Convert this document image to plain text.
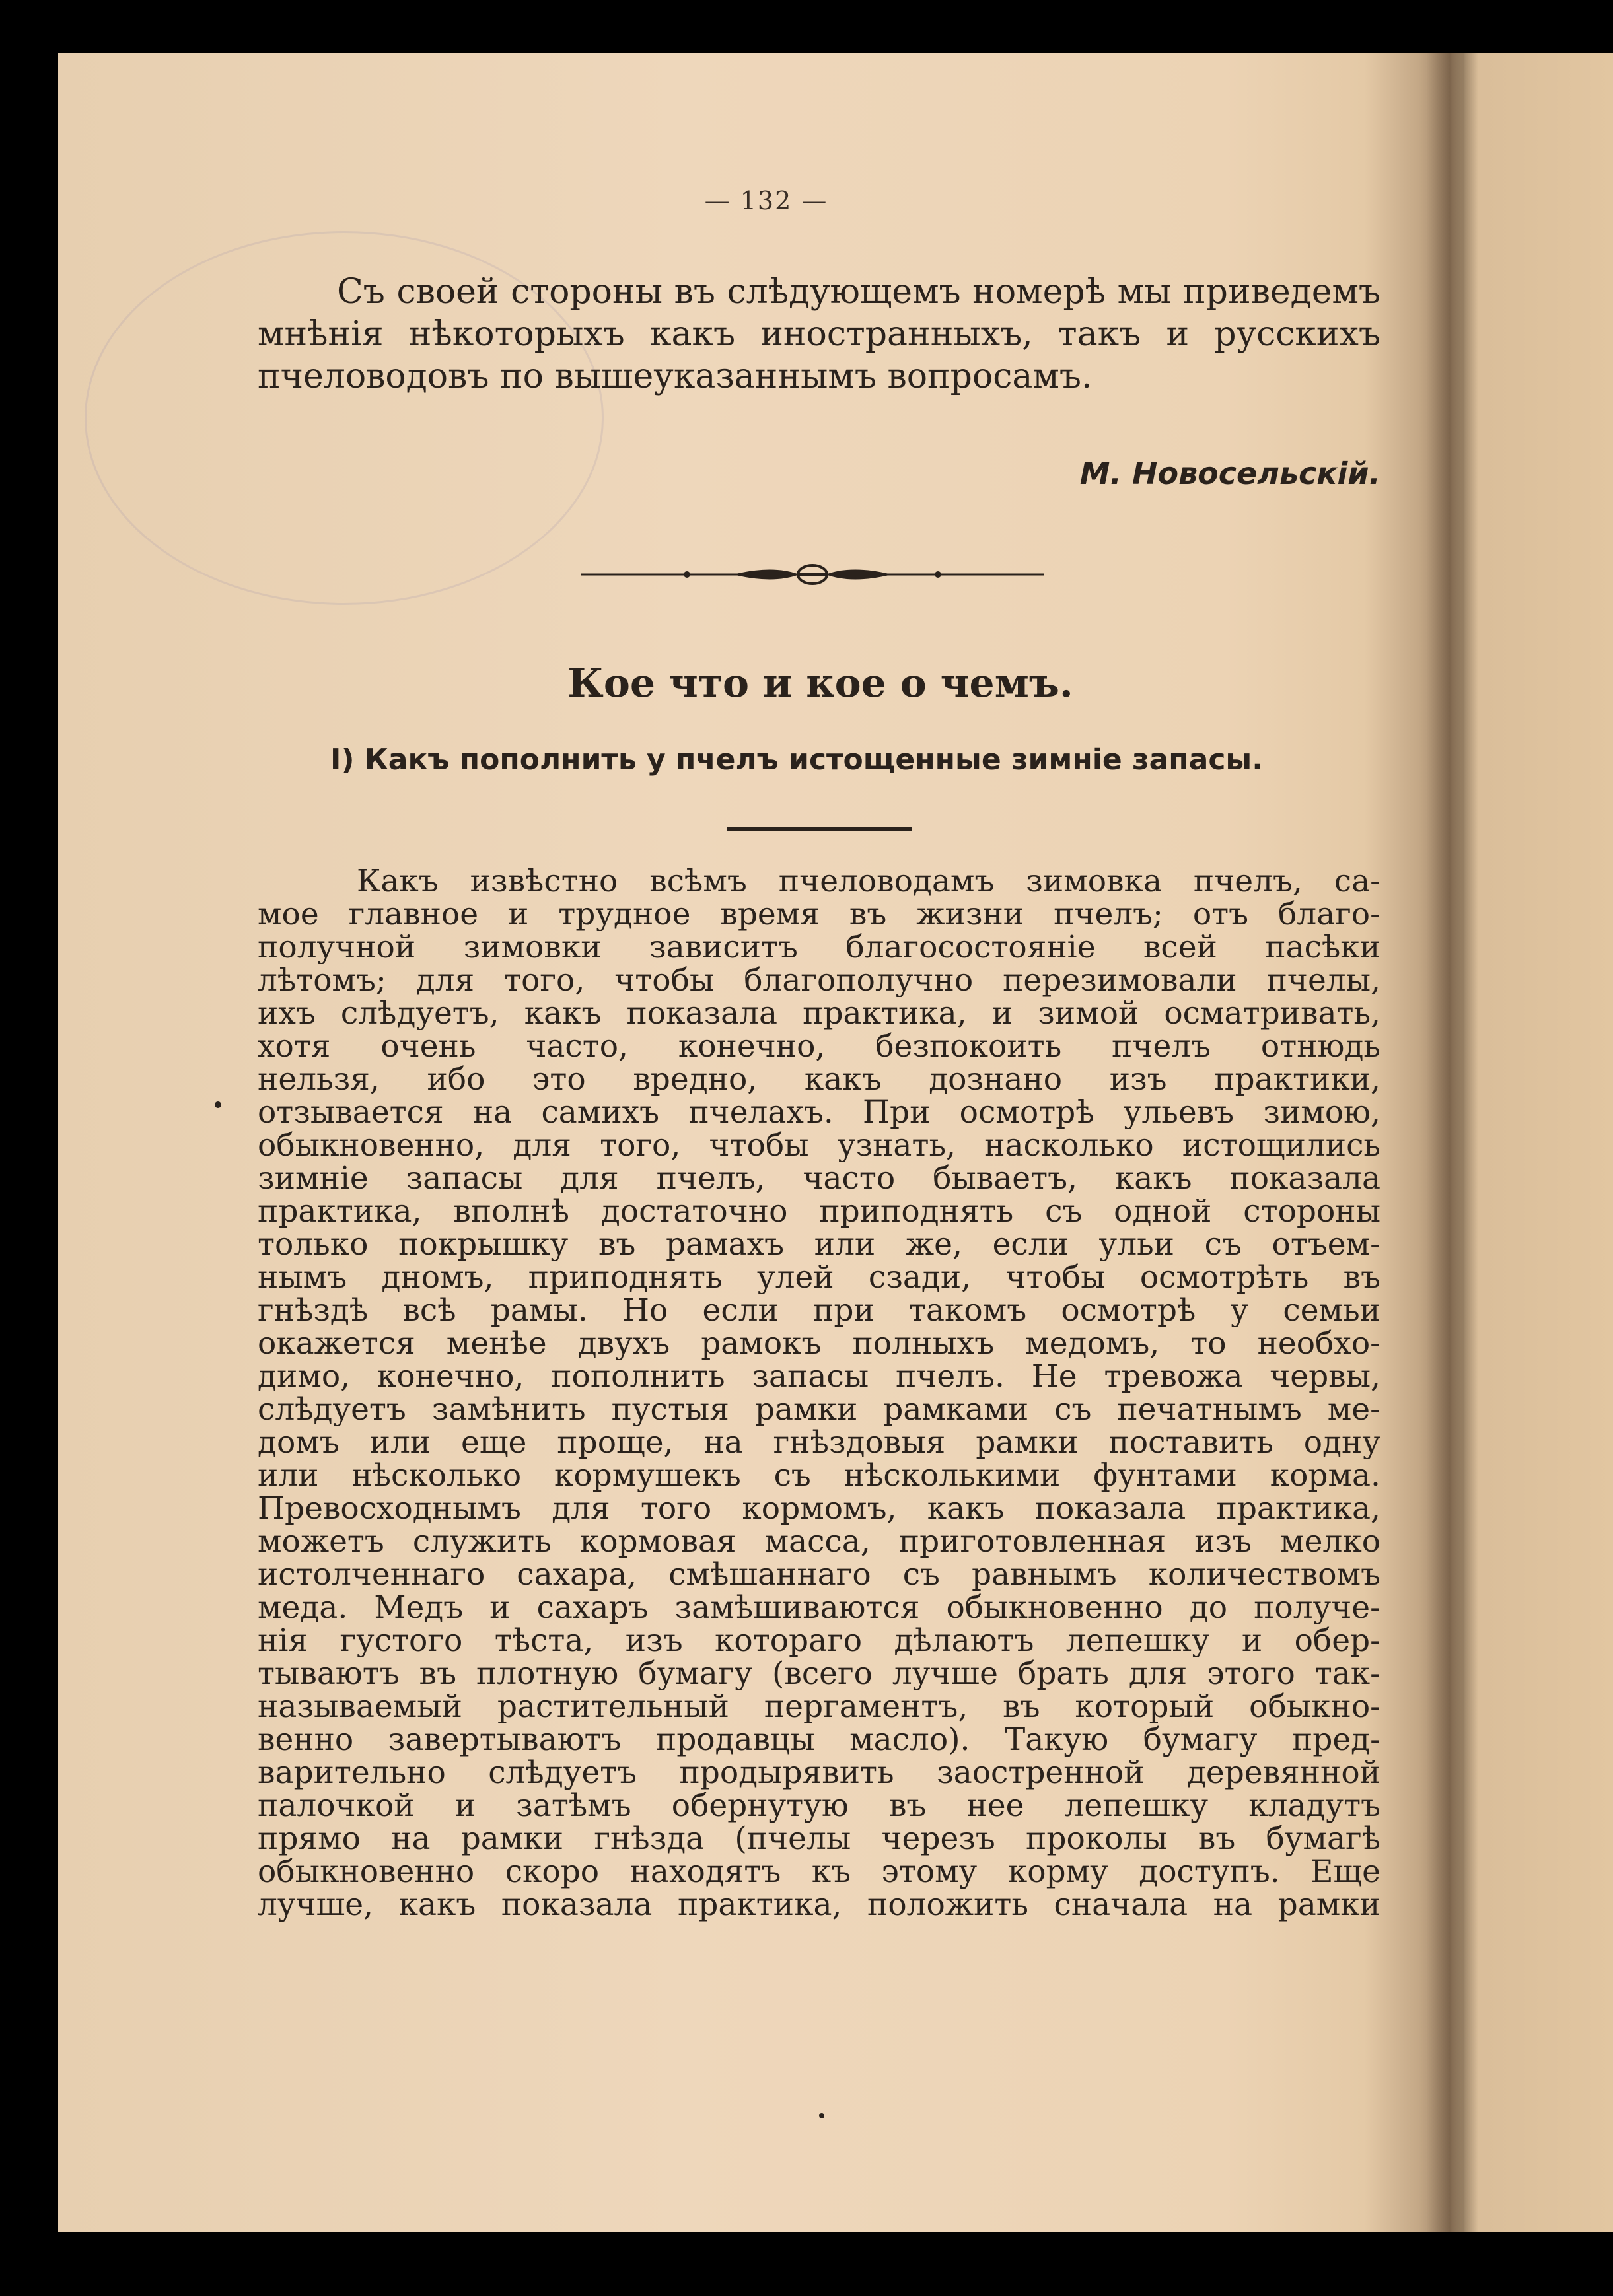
— 132 —

Съ своей стороны въ слѣдующемъ номерѣ мы приведемъ мнѣнія нѣкоторыхъ какъ иностранныхъ, такъ и русскихъ пчеловодовъ по вышеуказаннымъ вопросамъ.

М. Новосельскій.
Кое что и кое о чемъ.
I) Какъ пополнить у пчелъ истощенные зимніе запасы.
Какъ извѣстно всѣмъ пчеловодамъ зимовка пчелъ, са-
мое главное и трудное время въ жизни пчелъ; отъ благо-
получной зимовки зависитъ благосостояніе всей пасѣки
лѣтомъ; для того, чтобы благополучно перезимовали пчелы,
ихъ слѣдуетъ, какъ показала практика, и зимой осматривать,
хотя очень часто, конечно, безпокоить пчелъ отнюдь
нельзя, ибо это вредно, какъ дознано изъ практики,
отзывается на самихъ пчелахъ. При осмотрѣ ульевъ зимою,
обыкновенно, для того, чтобы узнать, насколько истощились
зимніе запасы для пчелъ, часто бываетъ, какъ показала
практика, вполнѣ достаточно приподнять съ одной стороны
только покрышку въ рамахъ или же, если ульи съ отъем-
нымъ дномъ, приподнять улей сзади, чтобы осмотрѣть въ
гнѣздѣ всѣ рамы. Но если при такомъ осмотрѣ у семьи
окажется менѣе двухъ рамокъ полныхъ медомъ, то необхо-
димо, конечно, пополнить запасы пчелъ. Не тревожа червы,
слѣдуетъ замѣнить пустыя рамки рамками съ печатнымъ ме-
домъ или еще проще, на гнѣздовыя рамки поставить одну
или нѣсколько кормушекъ съ нѣсколькими фунтами корма.
Превосходнымъ для того кормомъ, какъ показала практика,
можетъ служить кормовая масса, приготовленная изъ мелко
истолченнаго сахара, смѣшаннаго съ равнымъ количествомъ
меда. Медъ и сахаръ замѣшиваются обыкновенно до получе-
нія густого тѣста, изъ котораго дѣлаютъ лепешку и обер-
тываютъ въ плотную бумагу (всего лучше брать для этого так-
называемый растительный пергаментъ, въ который обыкно-
венно завертываютъ продавцы масло). Такую бумагу пред-
варительно слѣдуетъ продырявить заостренной деревянной
палочкой и затѣмъ обернутую въ нее лепешку кладутъ
прямо на рамки гнѣзда (пчелы черезъ проколы въ бумагѣ
обыкновенно скоро находятъ къ этому корму доступъ. Еще
лучше, какъ показала практика, положить сначала на рамки
